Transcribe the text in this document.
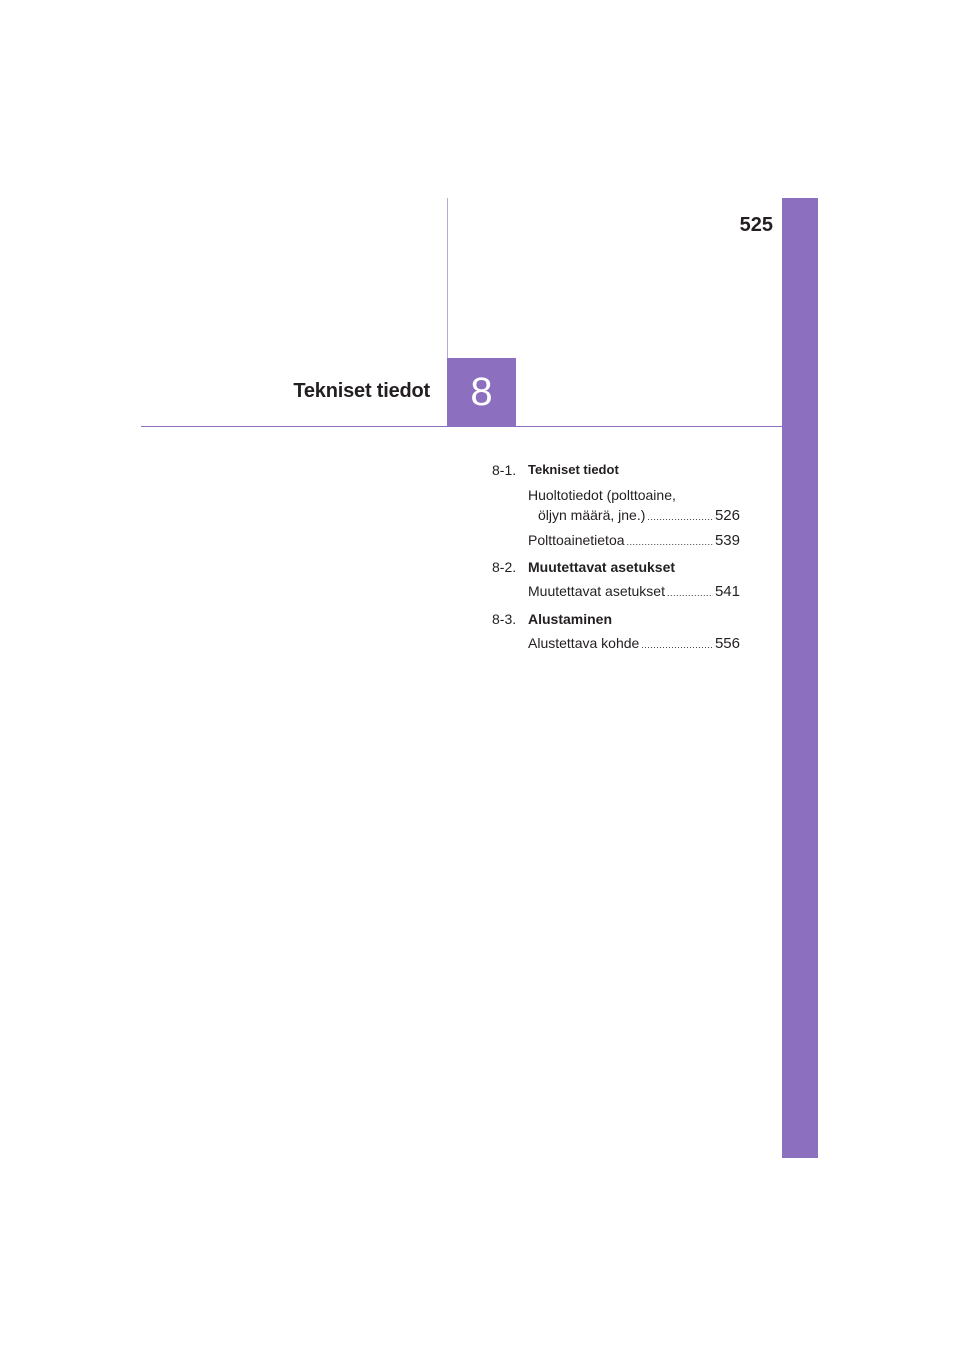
525
Tekniset tiedot	8
8-1. Tekniset tiedot
Huoltotiedot (polttoaine,
öljyn määrä, jne.) .....	526
Polttoainetietoa .....	539
8-2. Muutettavat asetukset
Muutettavat asetukset .....	541
8-3. Alustaminen
Alustettava kohde .....	556
